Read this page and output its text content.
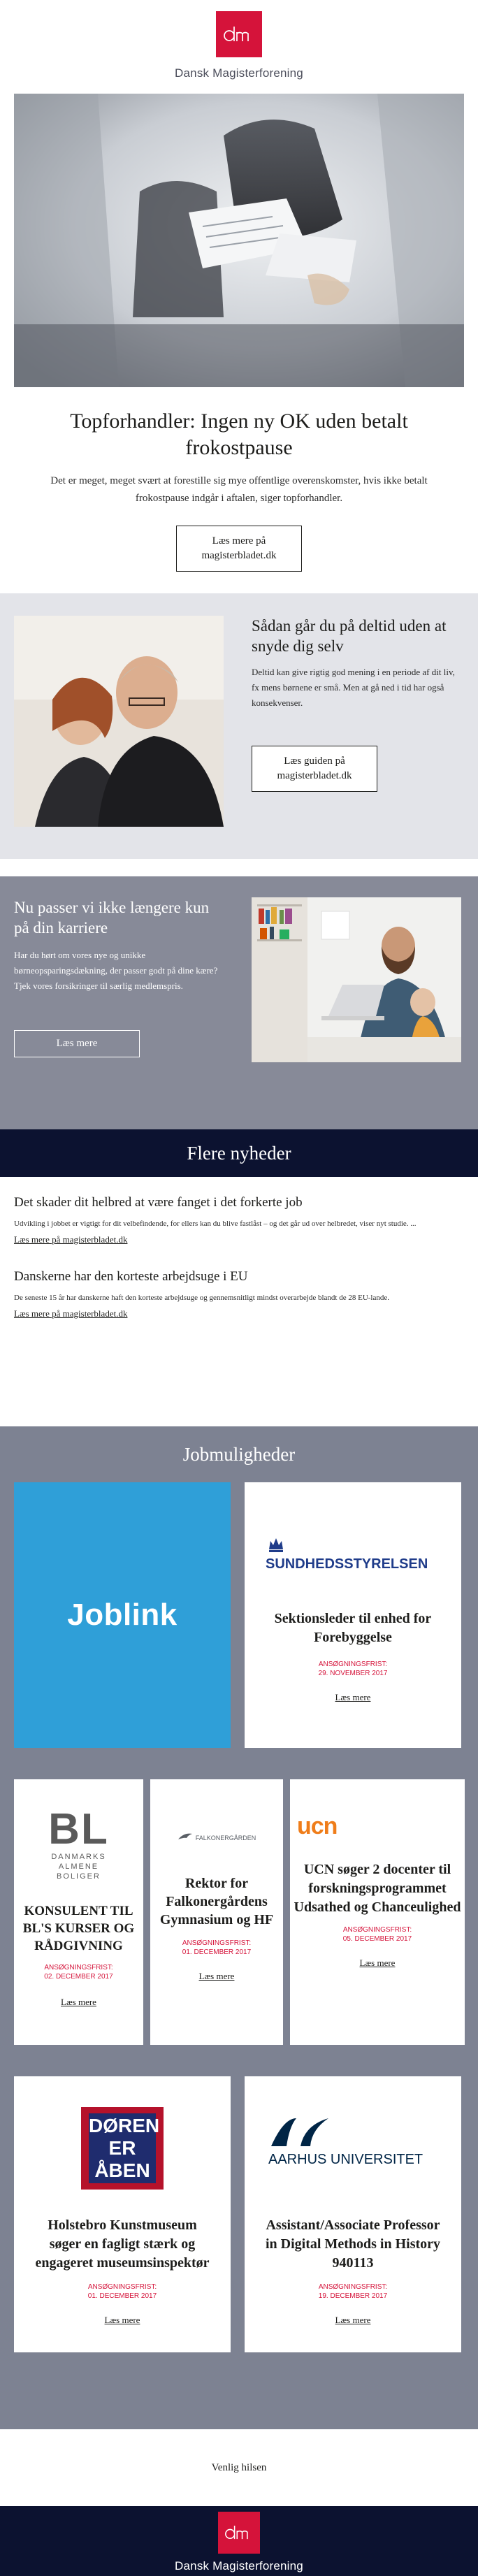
Dansk Magisterforening
Topforhandler: Ingen ny OK uden betalt frokostpause

Det er meget, meget svært at forestille sig mye offentlige overenskomster, hvis ikke betalt frokostpause indgår i aftalen, siger topforhandler.

Læs mere på magisterbladet.dk
Sådan går du på deltid uden at snyde dig selv

Deltid kan give rigtig god mening i en periode af dit liv, fx mens børnene er små. Men at gå ned i tid har også konsekvenser.

Læs guiden på magisterbladet.dk
Nu passer vi ikke længere kun på din karriere

Har du hørt om vores nye og unikke børneopsparingsdækning, der passer godt på dine kære? Tjek vores forsikringer til særlig medlemspris.

Læs mere
Flere nyheder
Det skader dit helbred at være fanget i det forkerte job

Udvikling i jobbet er vigtigt for dit velbefindende, for ellers kan du blive fastlåst – og det går ud over helbredet, viser nyt studie. ...

Læs mere på magisterbladet.dk
Danskerne har den korteste arbejdsuge i EU

De seneste 15 år har danskerne haft den korteste arbejdsuge og gennemsnitligt mindst overarbejde blandt de 28 EU-lande.

Læs mere på magisterbladet.dk
Jobmuligheder
Joblink
SUNDHEDSSTYRELSEN
Sektionsleder til enhed for Forebyggelse
ANSØGNINGSFRIST:
29. NOVEMBER 2017
Læs mere
BL
DANMARKS ALMENE BOLIGER
KONSULENT TIL BL'S KURSER OG RÅDGIVNING
ANSØGNINGSFRIST:
02. DECEMBER 2017
Læs mere
FALKONERGÅRDEN
Rektor for Falkonergårdens Gymnasium og HF
ANSØGNINGSFRIST:
01. DECEMBER 2017
Læs mere
ucn
UCN søger 2 docenter til forskningsprogrammet Udsathed og Chanceulighed
ANSØGNINGSFRIST:
05. DECEMBER 2017
Læs mere
DØREN ER ÅBEN
Holstebro Kunstmuseum søger en fagligt stærk og engageret museumsinspektør
ANSØGNINGSFRIST:
01. DECEMBER 2017
Læs mere
AARHUS UNIVERSITET
Assistant/Associate Professor in Digital Methods in History 940113
ANSØGNINGSFRIST:
19. DECEMBER 2017
Læs mere
Venlig hilsen
Dansk Magisterforening
